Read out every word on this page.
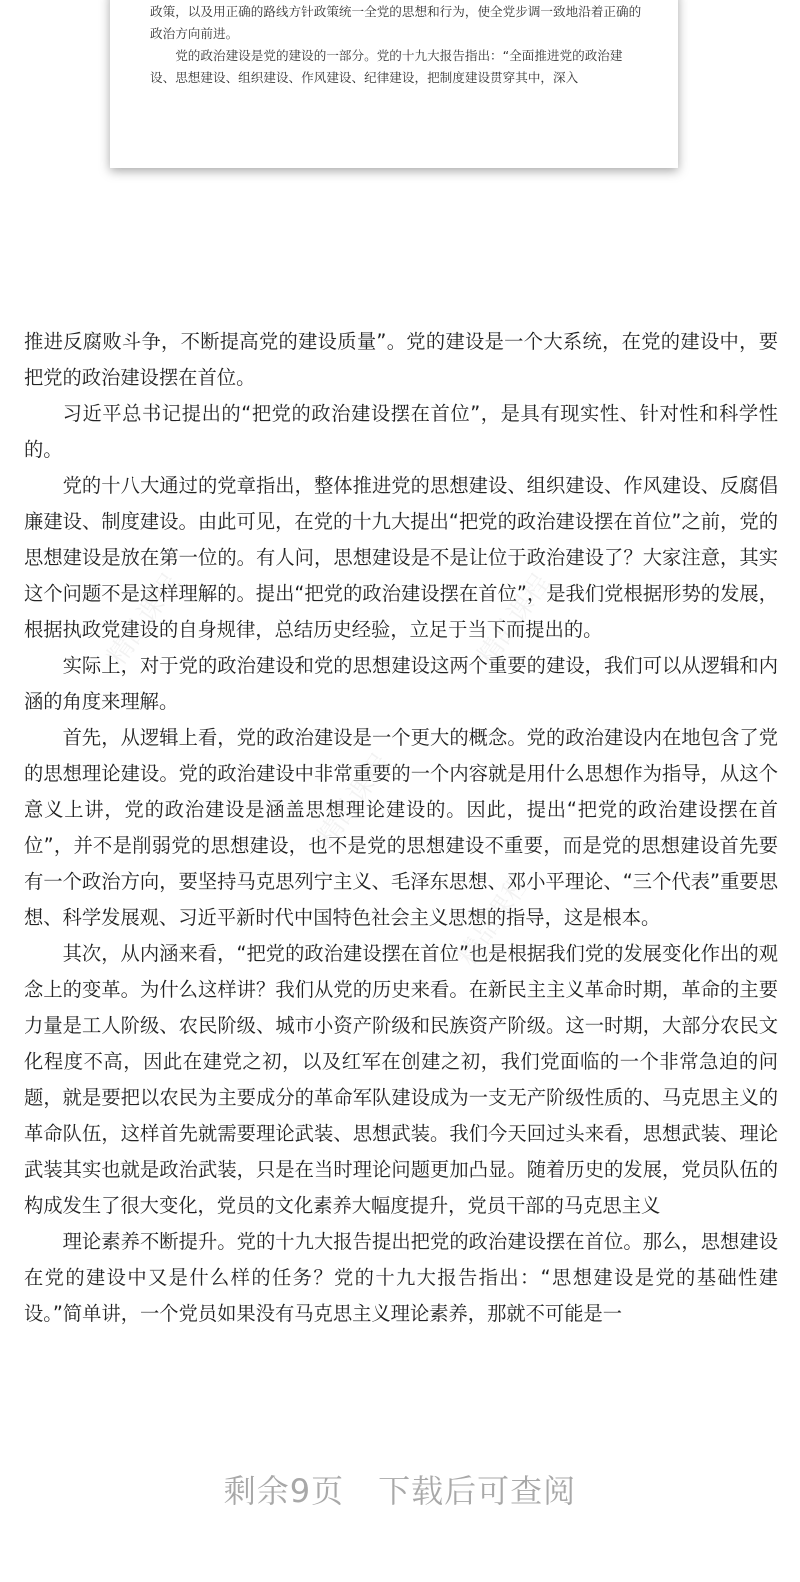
政策，以及用正确的路线方针政策统一全党的思想和行为，使全党步调一致地沿着正确的政治方向前进。

党的政治建设是党的建设的一部分。党的十九大报告指出：“全面推进党的政治建设、思想建设、组织建设、作风建设、纪律建设，把制度建设贯穿其中，深入

精品课程	精品课程
精品课程
精品课程

推进反腐败斗争，不断提高党的建设质量”。党的建设是一个大系统，在党的建设中，要把党的政治建设摆在首位。

习近平总书记提出的“把党的政治建设摆在首位”，是具有现实性、针对性和科学性的。

党的十八大通过的党章指出，整体推进党的思想建设、组织建设、作风建设、反腐倡廉建设、制度建设。由此可见，在党的十九大提出“把党的政治建设摆在首位”之前，党的思想建设是放在第一位的。有人问，思想建设是不是让位于政治建设了？大家注意，其实这个问题不是这样理解的。提出“把党的政治建设摆在首位”，是我们党根据形势的发展，根据执政党建设的自身规律，总结历史经验，立足于当下而提出的。

实际上，对于党的政治建设和党的思想建设这两个重要的建设，我们可以从逻辑和内涵的角度来理解。

首先，从逻辑上看，党的政治建设是一个更大的概念。党的政治建设内在地包含了党的思想理论建设。党的政治建设中非常重要的一个内容就是用什么思想作为指导，从这个意义上讲，党的政治建设是涵盖思想理论建设的。因此，提出“把党的政治建设摆在首位”，并不是削弱党的思想建设，也不是党的思想建设不重要，而是党的思想建设首先要有一个政治方向，要坚持马克思列宁主义、毛泽东思想、邓小平理论、“三个代表”重要思想、科学发展观、习近平新时代中国特色社会主义思想的指导，这是根本。

其次，从内涵来看，“把党的政治建设摆在首位”也是根据我们党的发展变化作出的观念上的变革。为什么这样讲？我们从党的历史来看。在新民主主义革命时期，革命的主要力量是工人阶级、农民阶级、城市小资产阶级和民族资产阶级。这一时期，大部分农民文化程度不高，因此在建党之初，以及红军在创建之初，我们党面临的一个非常急迫的问题，就是要把以农民为主要成分的革命军队建设成为一支无产阶级性质的、马克思主义的革命队伍，这样首先就需要理论武装、思想武装。我们今天回过头来看，思想武装、理论武装其实也就是政治武装，只是在当时理论问题更加凸显。随着历史的发展，党员队伍的构成发生了很大变化，党员的文化素养大幅度提升，党员干部的马克思主义

理论素养不断提升。党的十九大报告提出把党的政治建设摆在首位。那么，思想建设在党的建设中又是什么样的任务？党的十九大报告指出：“思想建设是党的基础性建设。”简单讲，一个党员如果没有马克思主义理论素养，那就不可能是一

剩余9页 下载后可查阅
